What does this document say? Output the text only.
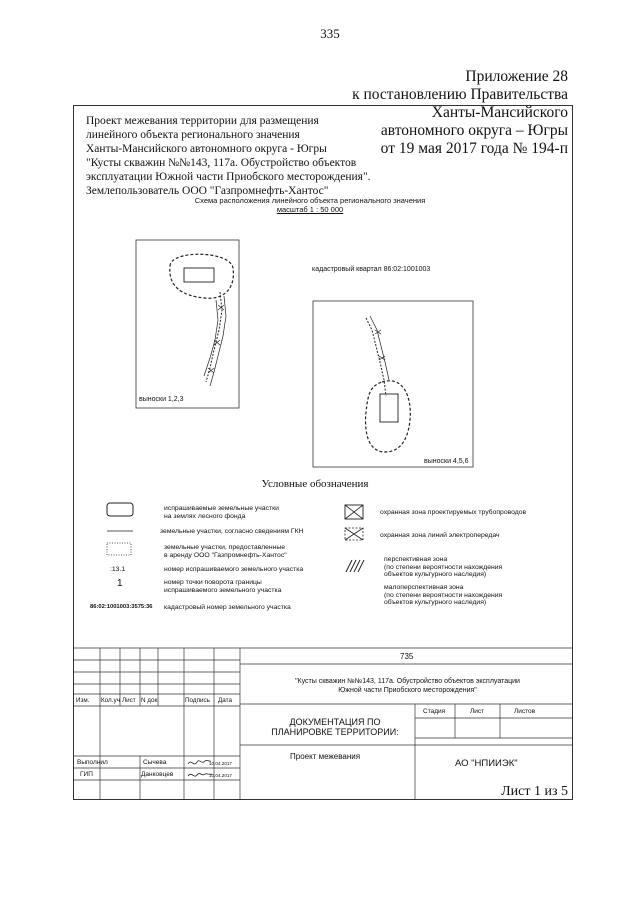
335
Приложение 28
к постановлению Правительства
Ханты-Мансийского
автономного округа – Югры
от 19 мая 2017 года № 194-п
Проект межевания территории для размещения
линейного объекта регионального значения
Ханты-Мансийского автономного округа - Югры
"Кусты скважин №№143, 117а. Обустройство объектов
эксплуатации Южной части Приобского месторождения".
Землепользователь ООО "Газпромнефть-Хантос"
Схема расположения линейного объекта регионального значения
масштаб 1 : 50 000
кадастровый квартал 86:02:1001003
выноски 1,2,3
выноски 4,5,6
Условные обозначения
испрашиваемые земельные участки
на землях лесного фонда
земельные участки, согласно сведениям ГКН
земельные участки, предоставленные
в аренду ООО "Газпромнефть-Хантос"
:13.1	номер испрашиваемого земельного участка
1	номер точки поворота границы
испрашиваемого земельного участка
86:02:1001003:3575:36 кадастровый номер земельного участка
охранная зона проектируемых трубопроводов
охранная зона линий электропередач
перспективная зона
(по степени вероятности нахождения
объектов культурного наследия)
малоперспективная зона
(по степени вероятности нахождения
объектов культурного наследия)
735
"Кусты скважин №№143, 117а. Обустройство объектов эксплуатации
Южной части Приобского месторождения"
Изм. Кол.уч Лист N док	Подпись Дата
ДОКУМЕНТАЦИЯ ПО
ПЛАНИРОВКЕ ТЕРРИТОРИИ:
Стадия	Лист	Листов
Проект межевания
АО "НПИИЭК"
Выполнил	Сычева	10.04.2017
ГИП	Данковцев	10.04.2017
Лист 1 из 5
